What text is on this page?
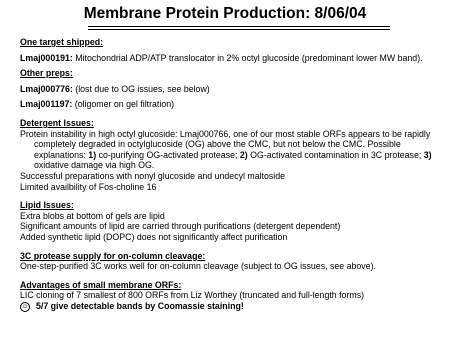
Membrane Protein Production: 8/06/04

One target shipped:

Lmaj000191: Mitochondrial ADP/ATP translocator in 2% octyl glucoside (predominant lower MW band).

Other preps:

Lmaj000776: (lost due to OG issues, see below)

Lmaj001197: (oligomer on gel filtration)

Detergent Issues:

Protein instability in high octyl glucoside: Lmaj000766, one of our most stable ORFs appears to be rapidly completely degraded in octylglucoside (OG) above the CMC, but not below the CMC. Possible explanations: 1) co-purifying OG-activated protease; 2) OG-activated contamination in 3C protease; 3) oxidative damage via high OG.

Successful preparations with nonyl glucoside and undecyl maltoside

Limited availbility of Fos-choline 16

Lipid Issues:

Extra blobs at bottom of gels are lipid

Significant amounts of lipid are carried through purifications (detergent dependent)

Added synthetic lipid (DOPC) does not significantly affect purification

3C protease supply for on-column cleavage:

One-step-purified 3C works well for on-column cleavage (subject to OG issues, see above).

Advantages of small membrane ORFs:

LIC cloning of 7 smallest of 800 ORFs from Liz Worthey (truncated and full-length forms)

☺ 5/7 give detectable bands by Coomassie staining!
